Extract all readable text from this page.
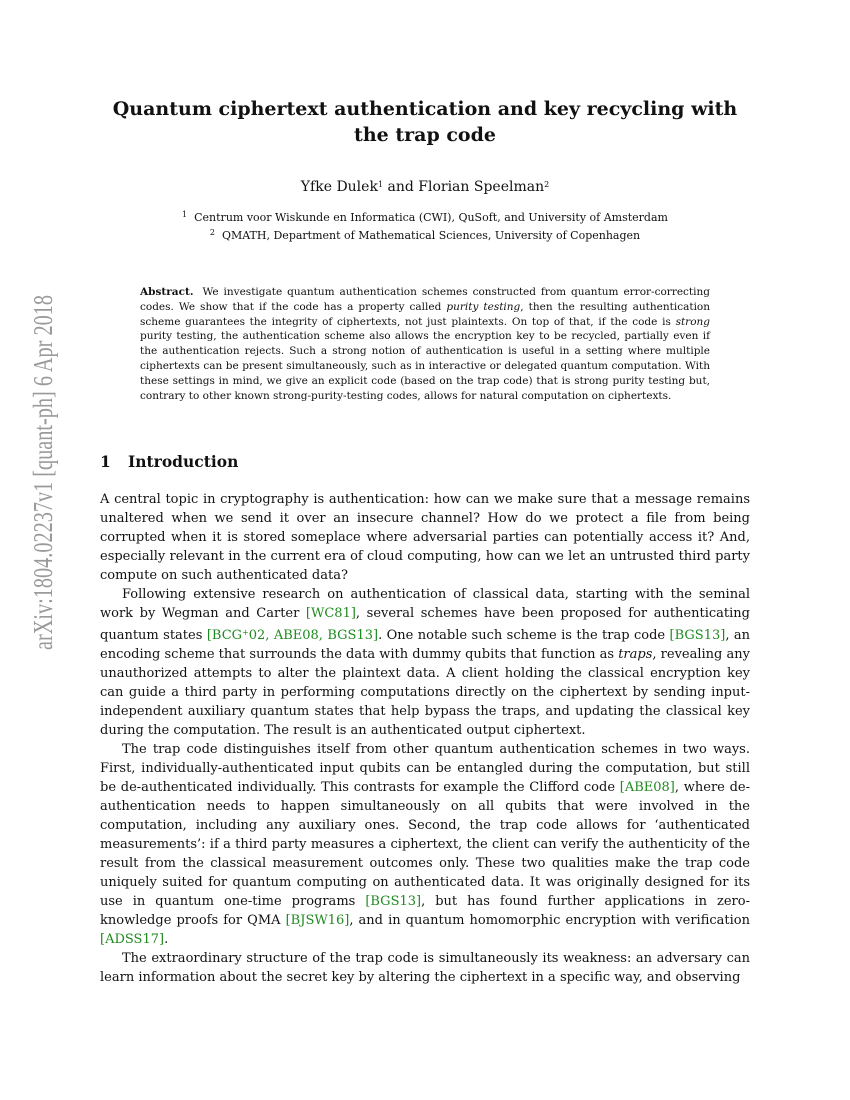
arXiv:1804.02237v1 [quant-ph] 6 Apr 2018
Quantum ciphertext authentication and key recycling with the trap code
Yfke Dulek$^1$ and Florian Speelman$^2$
$^1$ Centrum voor Wiskunde en Informatica (CWI), QuSoft, and University of Amsterdam
$^2$ QMATH, Department of Mathematical Sciences, University of Copenhagen

Abstract. We investigate quantum authentication schemes constructed from quantum error-correcting codes. We show that if the code has a property called purity testing, then the resulting authentication scheme guarantees the integrity of ciphertexts, not just plaintexts. On top of that, if the code is strong purity testing, the authentication scheme also allows the encryption key to be recycled, partially even if the authentication rejects. Such a strong notion of authentication is useful in a setting where multiple ciphertexts can be present simultaneously, such as in interactive or delegated quantum computation. With these settings in mind, we give an explicit code (based on the trap code) that is strong purity testing but, contrary to other known strong-purity-testing codes, allows for natural computation on ciphertexts.

1 Introduction

A central topic in cryptography is authentication: how can we make sure that a message remains unaltered when we send it over an insecure channel? How do we protect a file from being corrupted when it is stored someplace where adversarial parties can potentially access it? And, especially relevant in the current era of cloud computing, how can we let an untrusted third party compute on such authenticated data?

Following extensive research on authentication of classical data, starting with the seminal work by Wegman and Carter [WC81], several schemes have been proposed for authenticating quantum states [BCG+02, ABE08, BGS13]. One notable such scheme is the trap code [BGS13], an encoding scheme that surrounds the data with dummy qubits that function as traps, revealing any unauthorized attempts to alter the plaintext data. A client holding the classical encryption key can guide a third party in performing computations directly on the ciphertext by sending input-independent auxiliary quantum states that help bypass the traps, and updating the classical key during the computation. The result is an authenticated output ciphertext.

The trap code distinguishes itself from other quantum authentication schemes in two ways. First, individually-authenticated input qubits can be entangled during the computation, but still be de-authenticated individually. This contrasts for example the Clifford code [ABE08], where de-authentication needs to happen simultaneously on all qubits that were involved in the computation, including any auxiliary ones. Second, the trap code allows for ‘authenticated measurements’: if a third party measures a ciphertext, the client can verify the authenticity of the result from the classical measurement outcomes only. These two qualities make the trap code uniquely suited for quantum computing on authenticated data. It was originally designed for its use in quantum one-time programs [BGS13], but has found further applications in zero-knowledge proofs for QMA [BJSW16], and in quantum homomorphic encryption with verification [ADSS17].

The extraordinary structure of the trap code is simultaneously its weakness: an adversary can learn information about the secret key by altering the ciphertext in a specific way, and observing
